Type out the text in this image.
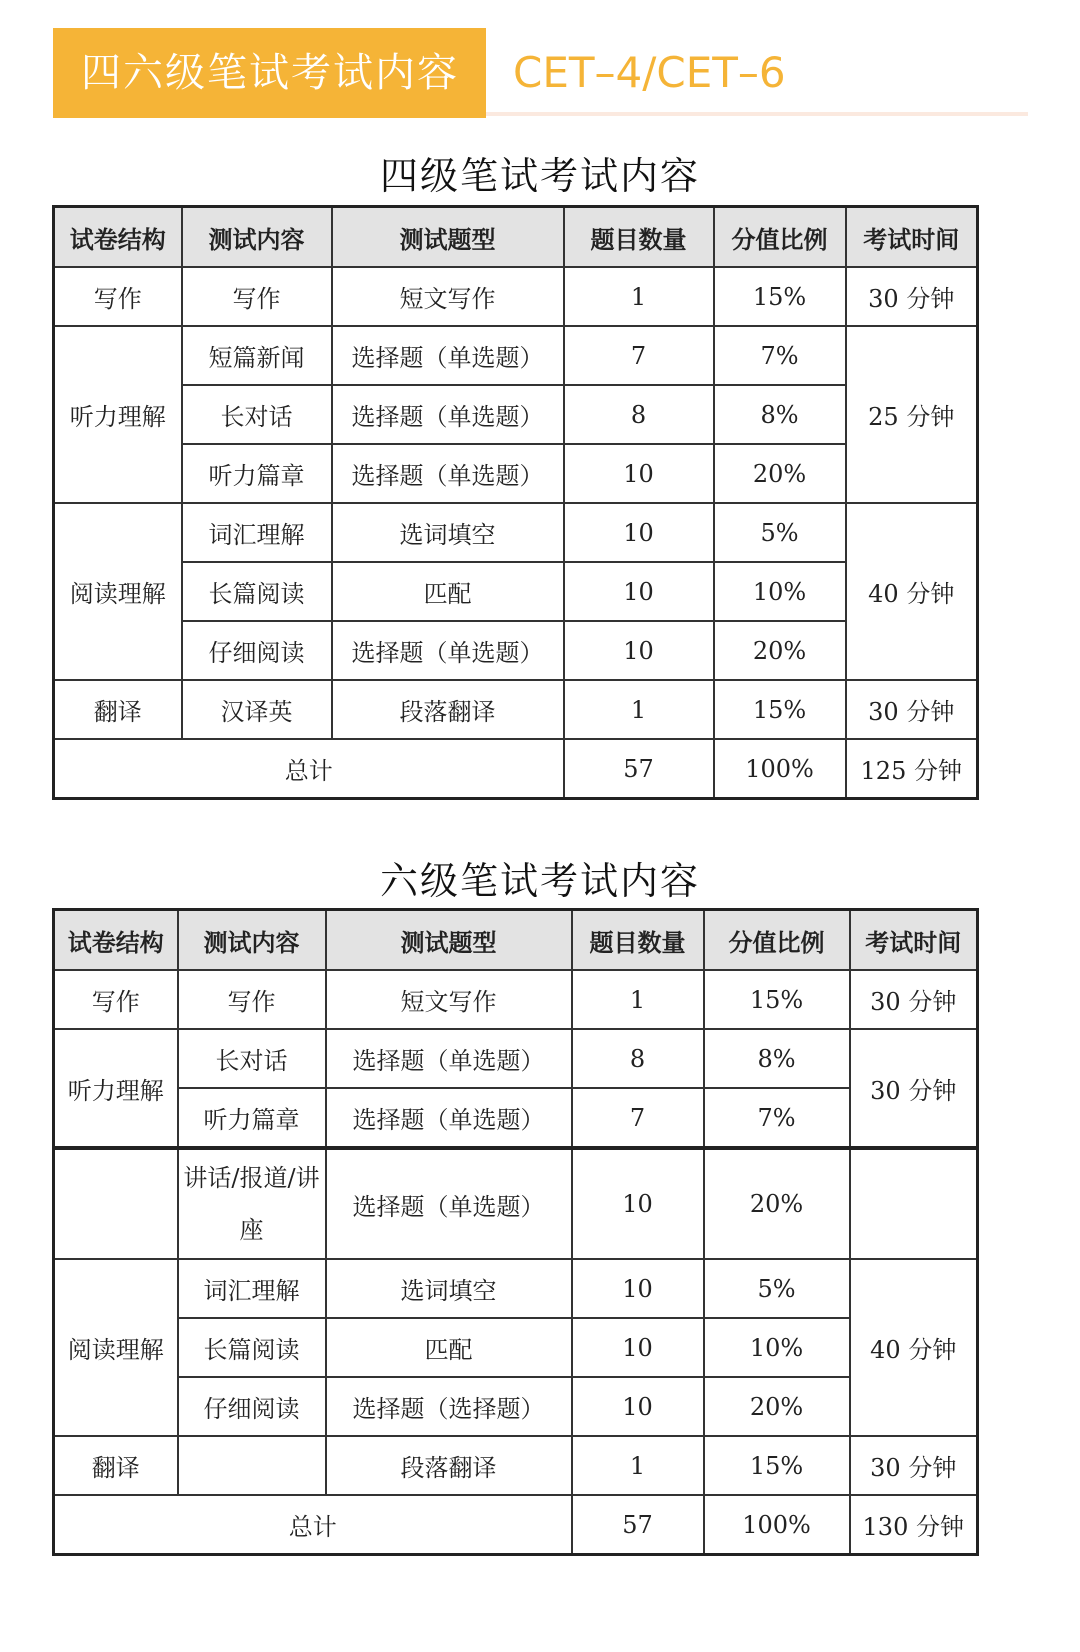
四六级笔试考试内容	CET–4/CET–6
四级笔试考试内容
试卷结构	测试内容	测试题型	题目数量	分值比例	考试时间
写作	写作	短文写作	1	15%	30 分钟
听力理解	短篇新闻	选择题（单选题）	7	7%	25 分钟
	长对话	选择题（单选题）	8	8%	
	听力篇章	选择题（单选题）	10	20%	
阅读理解	词汇理解	选词填空	10	5%	40 分钟
	长篇阅读	匹配	10	10%	
	仔细阅读	选择题（单选题）	10	20%	
翻译	汉译英	段落翻译	1	15%	30 分钟
总计			57	100%	125 分钟
六级笔试考试内容
试卷结构	测试内容	测试题型	题目数量	分值比例	考试时间
写作	写作	短文写作	1	15%	30 分钟
听力理解	长对话	选择题（单选题）	8	8%	30 分钟
	听力篇章	选择题（单选题）	7	7%	
	讲话/报道/讲座	选择题（单选题）	10	20%	
阅读理解	词汇理解	选词填空	10	5%	40 分钟
	长篇阅读	匹配	10	10%	
	仔细阅读	选择题（选择题）	10	20%	
翻译		段落翻译	1	15%	30 分钟
总计			57	100%	130 分钟
